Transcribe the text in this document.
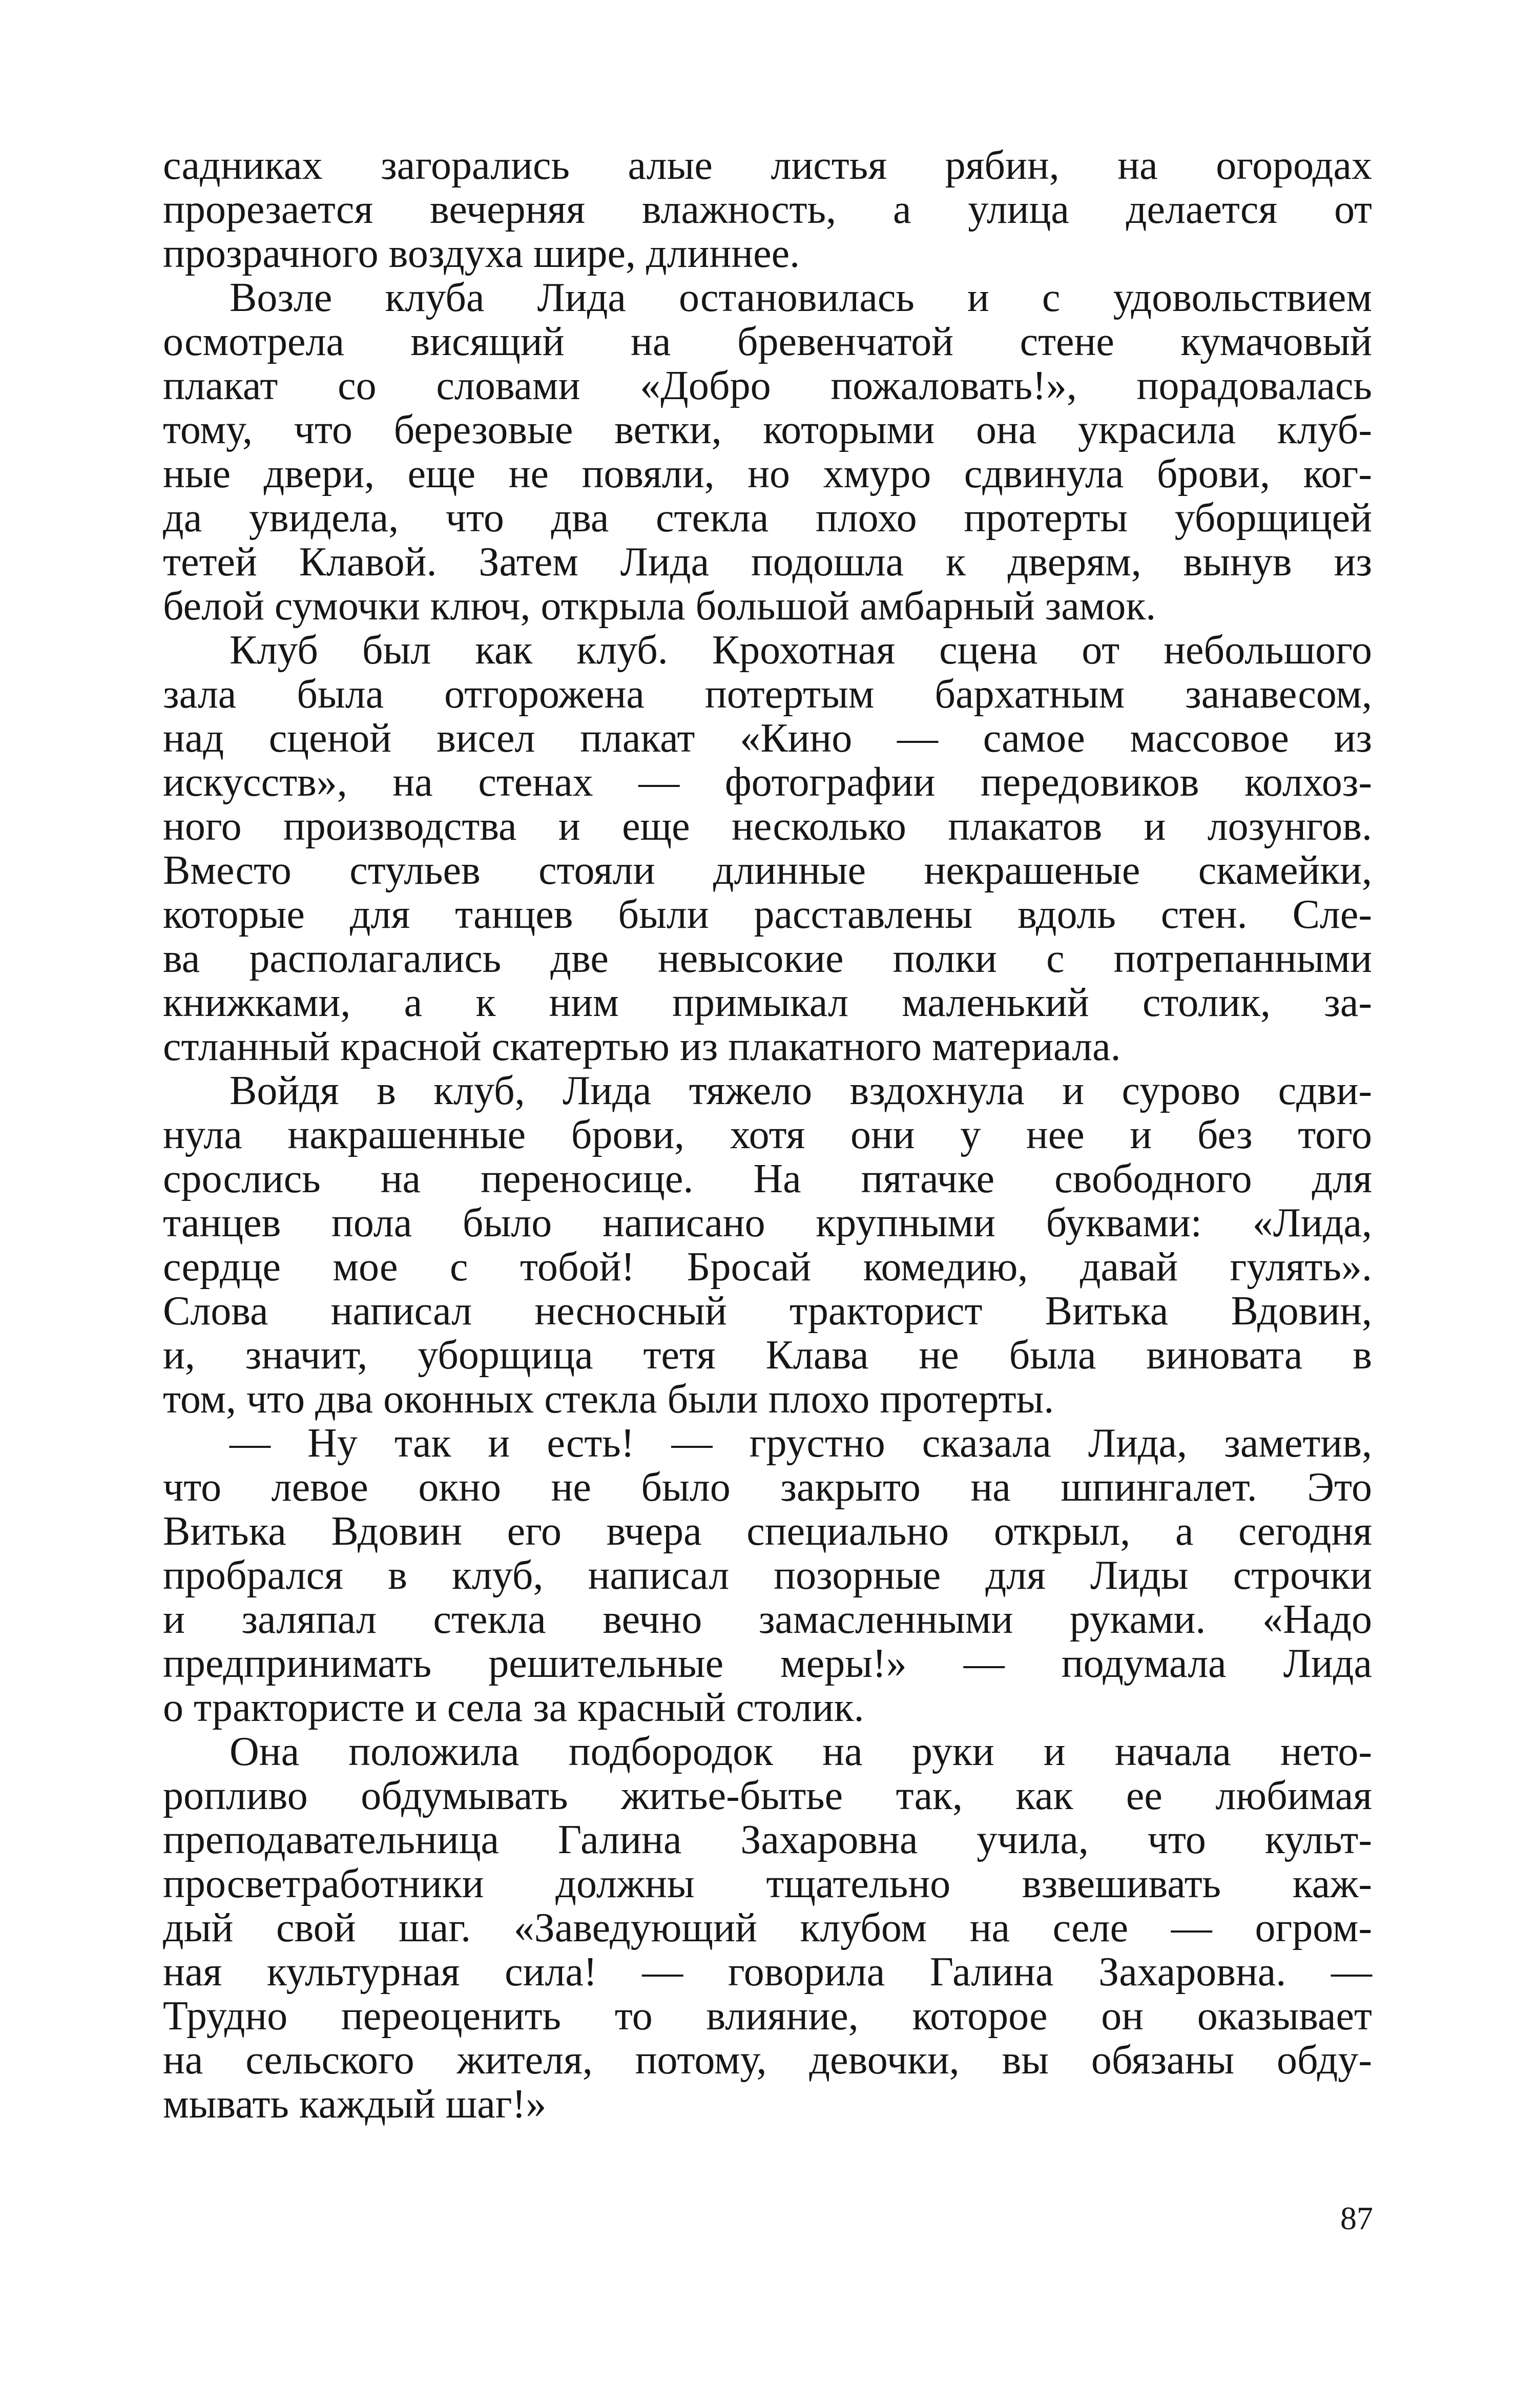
садниках загорались алые листья рябин, на огородах
прорезается вечерняя влажность, а улица делается от
прозрачного воздуха шире, длиннее.
Возле клуба Лида остановилась и с удовольствием
осмотрела висящий на бревенчатой стене кумачовый
плакат со словами «Добро пожаловать!», порадовалась
тому, что березовые ветки, которыми она украсила клуб-
ные двери, еще не повяли, но хмуро сдвинула брови, ког-
да увидела, что два стекла плохо протерты уборщицей
тетей Клавой. Затем Лида подошла к дверям, вынув из
белой сумочки ключ, открыла большой амбарный замок.
Клуб был как клуб. Крохотная сцена от небольшого
зала была отгорожена потертым бархатным занавесом,
над сценой висел плакат «Кино — самое массовое из
искусств», на стенах — фотографии передовиков колхоз-
ного производства и еще несколько плакатов и лозунгов.
Вместо стульев стояли длинные некрашеные скамейки,
которые для танцев были расставлены вдоль стен. Сле-
ва располагались две невысокие полки с потрепанными
книжками, а к ним примыкал маленький столик, за-
стланный красной скатертью из плакатного материала.
Войдя в клуб, Лида тяжело вздохнула и сурово сдви-
нула накрашенные брови, хотя они у нее и без того
срослись на переносице. На пятачке свободного для
танцев пола было написано крупными буквами: «Лида,
сердце мое с тобой! Бросай комедию, давай гулять».
Слова написал несносный тракторист Витька Вдовин,
и, значит, уборщица тетя Клава не была виновата в
том, что два оконных стекла были плохо протерты.
— Ну так и есть! — грустно сказала Лида, заметив,
что левое окно не было закрыто на шпингалет. Это
Витька Вдовин его вчера специально открыл, а сегодня
пробрался в клуб, написал позорные для Лиды строчки
и заляпал стекла вечно замасленными руками. «Надо
предпринимать решительные меры!» — подумала Лида
о трактористе и села за красный столик.
Она положила подбородок на руки и начала нето-
ропливо обдумывать житье-бытье так, как ее любимая
преподавательница Галина Захаровна учила, что культ-
просветработники должны тщательно взвешивать каж-
дый свой шаг. «Заведующий клубом на селе — огром-
ная культурная сила! — говорила Галина Захаровна. —
Трудно переоценить то влияние, которое он оказывает
на сельского жителя, потому, девочки, вы обязаны обду-
мывать каждый шаг!»
87
